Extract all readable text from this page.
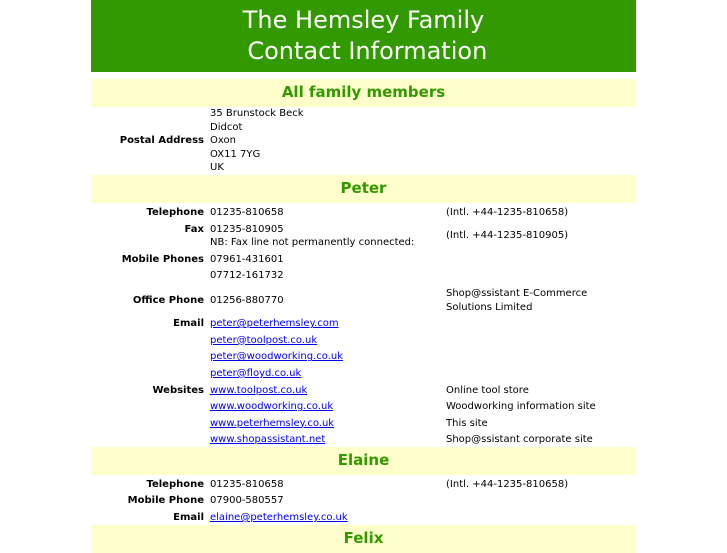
The Hemsley Family
Contact Information
All family members		
Postal Address	35 Brunstock Beck
Didcot
Oxon
OX11 7YG
UK	

Peter		

Telephone	01235-810658	(Intl. +44-1235-810658)

Fax	01235-810905
NB: Fax line not permanently connected:	(Intl. +44-1235-810905)

Mobile Phones	07961-431601	

	07712-161732	

Office Phone	01256-880770	Shop@ssistant E-Commerce
Solutions Limited

Email	peter@peterhemsley.com	

	peter@toolpost.co.uk	

	peter@woodworking.co.uk	

	peter@floyd.co.uk	

Websites	www.toolpost.co.uk	Online tool store

	www.woodworking.co.uk	Woodworking information site

	www.peterhemsley.co.uk	This site

	www.shopassistant.net	Shop@ssistant corporate site
Elaine		

Telephone	01235-810658	(Intl. +44-1235-810658)

Mobile Phone	07900-580557	

Email	elaine@peterhemsley.co.uk	
Felix		
